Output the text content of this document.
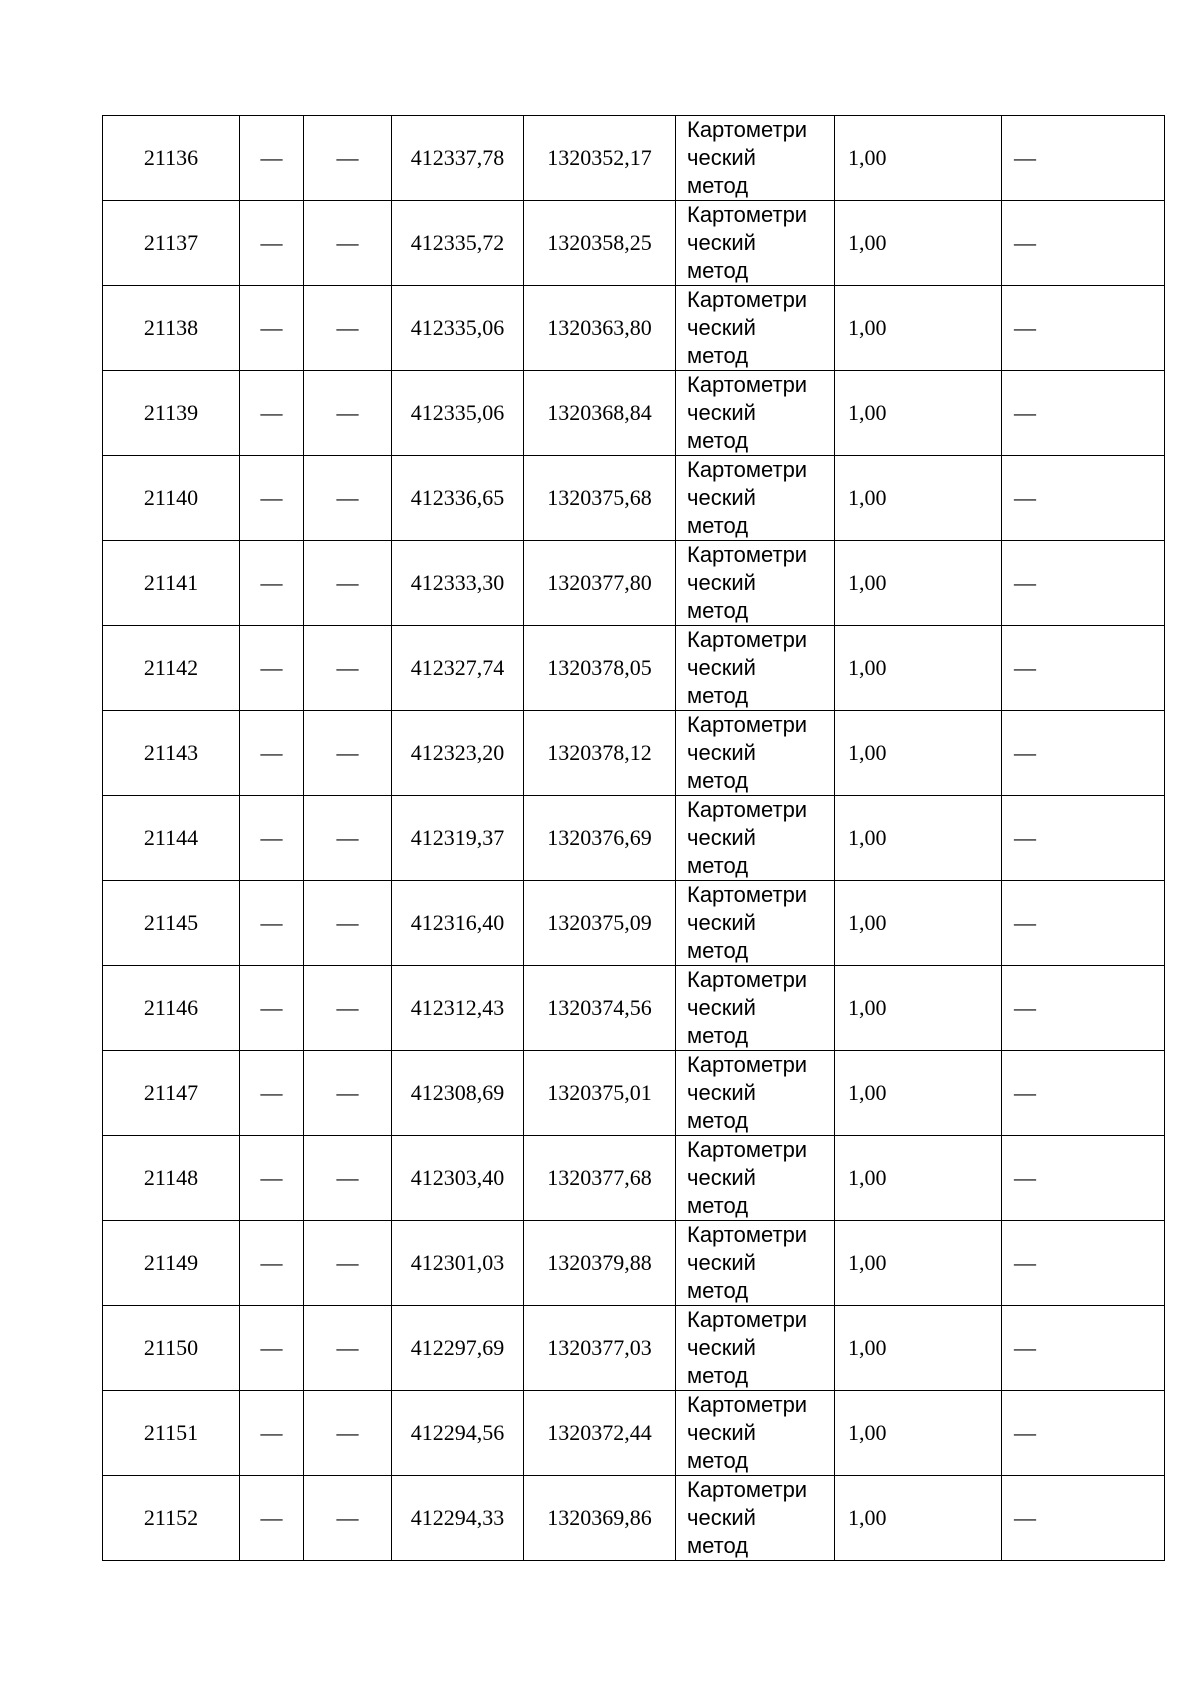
21136	—	—	412337,78	1320352,17	Картометри
ческий
метод	1,00	—
21137	—	—	412335,72	1320358,25	Картометри
ческий
метод	1,00	—
21138	—	—	412335,06	1320363,80	Картометри
ческий
метод	1,00	—
21139	—	—	412335,06	1320368,84	Картометри
ческий
метод	1,00	—
21140	—	—	412336,65	1320375,68	Картометри
ческий
метод	1,00	—
21141	—	—	412333,30	1320377,80	Картометри
ческий
метод	1,00	—
21142	—	—	412327,74	1320378,05	Картометри
ческий
метод	1,00	—
21143	—	—	412323,20	1320378,12	Картометри
ческий
метод	1,00	—
21144	—	—	412319,37	1320376,69	Картометри
ческий
метод	1,00	—
21145	—	—	412316,40	1320375,09	Картометри
ческий
метод	1,00	—
21146	—	—	412312,43	1320374,56	Картометри
ческий
метод	1,00	—
21147	—	—	412308,69	1320375,01	Картометри
ческий
метод	1,00	—
21148	—	—	412303,40	1320377,68	Картометри
ческий
метод	1,00	—
21149	—	—	412301,03	1320379,88	Картометри
ческий
метод	1,00	—
21150	—	—	412297,69	1320377,03	Картометри
ческий
метод	1,00	—
21151	—	—	412294,56	1320372,44	Картометри
ческий
метод	1,00	—
21152	—	—	412294,33	1320369,86	Картометри
ческий
метод	1,00	—
